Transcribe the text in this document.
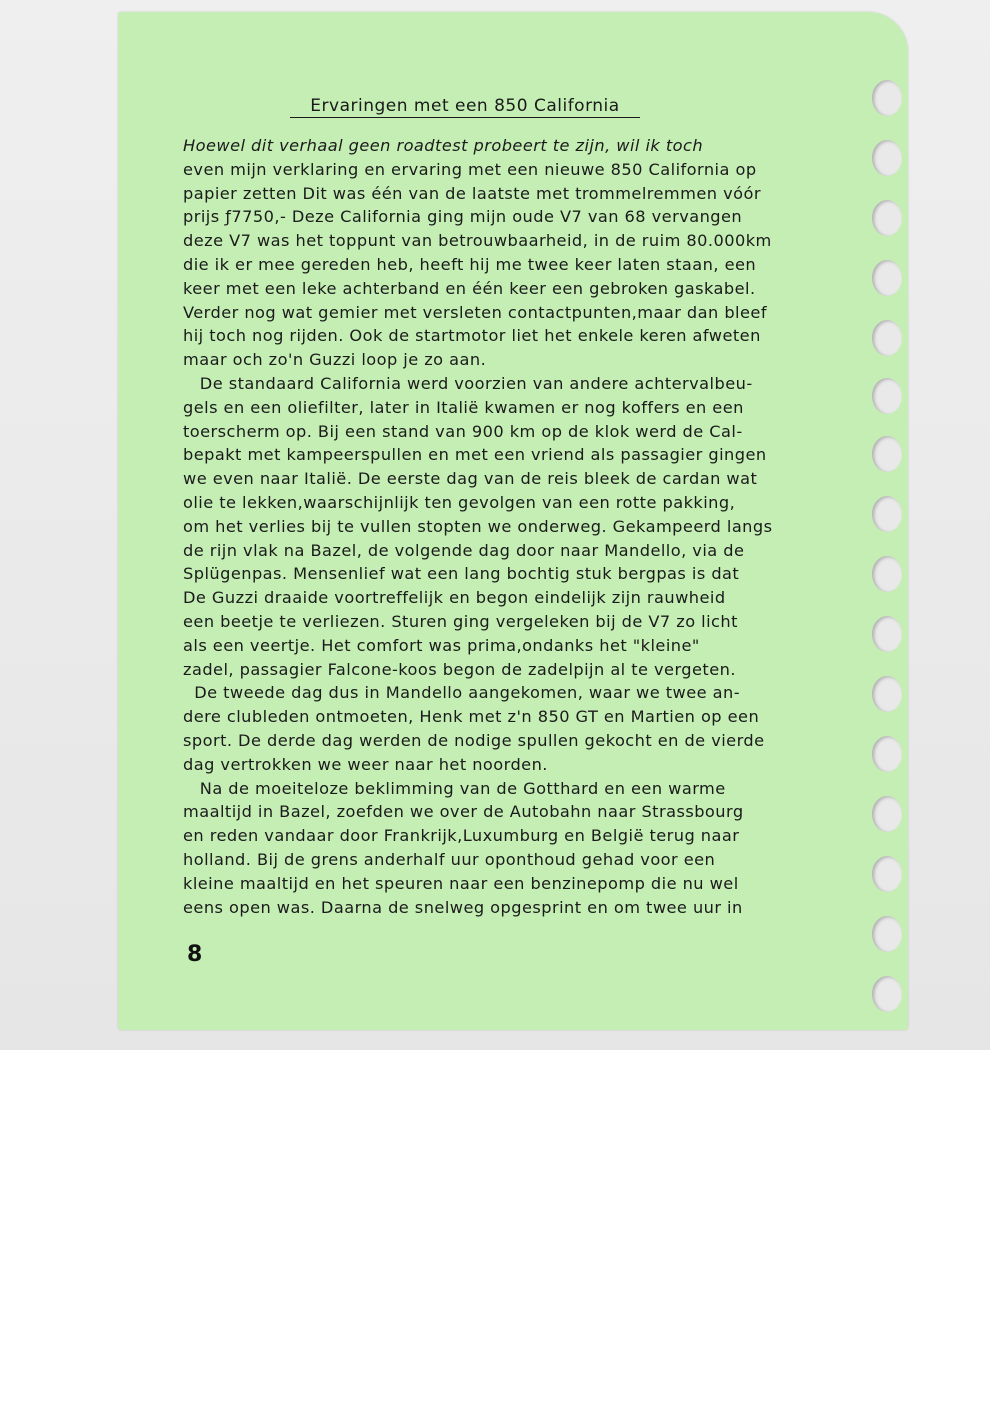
Ervaringen met een 850 California
Hoewel dit verhaal geen roadtest probeert te zijn, wil ik toch
even mijn verklaring en ervaring met een nieuwe 850 California op
papier zetten Dit was één van de laatste met trommelremmen vóór
prijs ƒ7750,- Deze California ging mijn oude V7 van 68 vervangen
deze V7 was het toppunt van betrouwbaarheid, in de ruim 80.000km
die ik er mee gereden heb, heeft hij me twee keer laten staan, een
keer met een leke achterband en één keer een gebroken gaskabel.
Verder nog wat gemier met versleten contactpunten,maar dan bleef
hij toch nog rijden. Ook de startmotor liet het enkele keren afweten
maar och zo'n Guzzi loop je zo aan.
De standaard California werd voorzien van andere achtervalbeu-
gels en een oliefilter, later in Italië kwamen er nog koffers en een
toerscherm op. Bij een stand van 900 km op de klok werd de Cal-
bepakt met kampeerspullen en met een vriend als passagier gingen
we even naar Italië. De eerste dag van de reis bleek de cardan wat
olie te lekken,waarschijnlijk ten gevolgen van een rotte pakking,
om het verlies bij te vullen stopten we onderweg. Gekampeerd langs
de rijn vlak na Bazel, de volgende dag door naar Mandello, via de
Splügenpas. Mensenlief wat een lang bochtig stuk bergpas is dat
De Guzzi draaide voortreffelijk en begon eindelijk zijn rauwheid
een beetje te verliezen. Sturen ging vergeleken bij de V7 zo licht
als een veertje. Het comfort was prima,ondanks het "kleine"
zadel, passagier Falcone-koos begon de zadelpijn al te vergeten.
De tweede dag dus in Mandello aangekomen, waar we twee an-
dere clubleden ontmoeten, Henk met z'n 850 GT en Martien op een
sport. De derde dag werden de nodige spullen gekocht en de vierde
dag vertrokken we weer naar het noorden.
Na de moeiteloze beklimming van de Gotthard en een warme
maaltijd in Bazel, zoefden we over de Autobahn naar Strassbourg
en reden vandaar door Frankrijk,Luxumburg en België terug naar
holland. Bij de grens anderhalf uur oponthoud gehad voor een
kleine maaltijd en het speuren naar een benzinepomp die nu wel
eens open was. Daarna de snelweg opgesprint en om twee uur in
8
